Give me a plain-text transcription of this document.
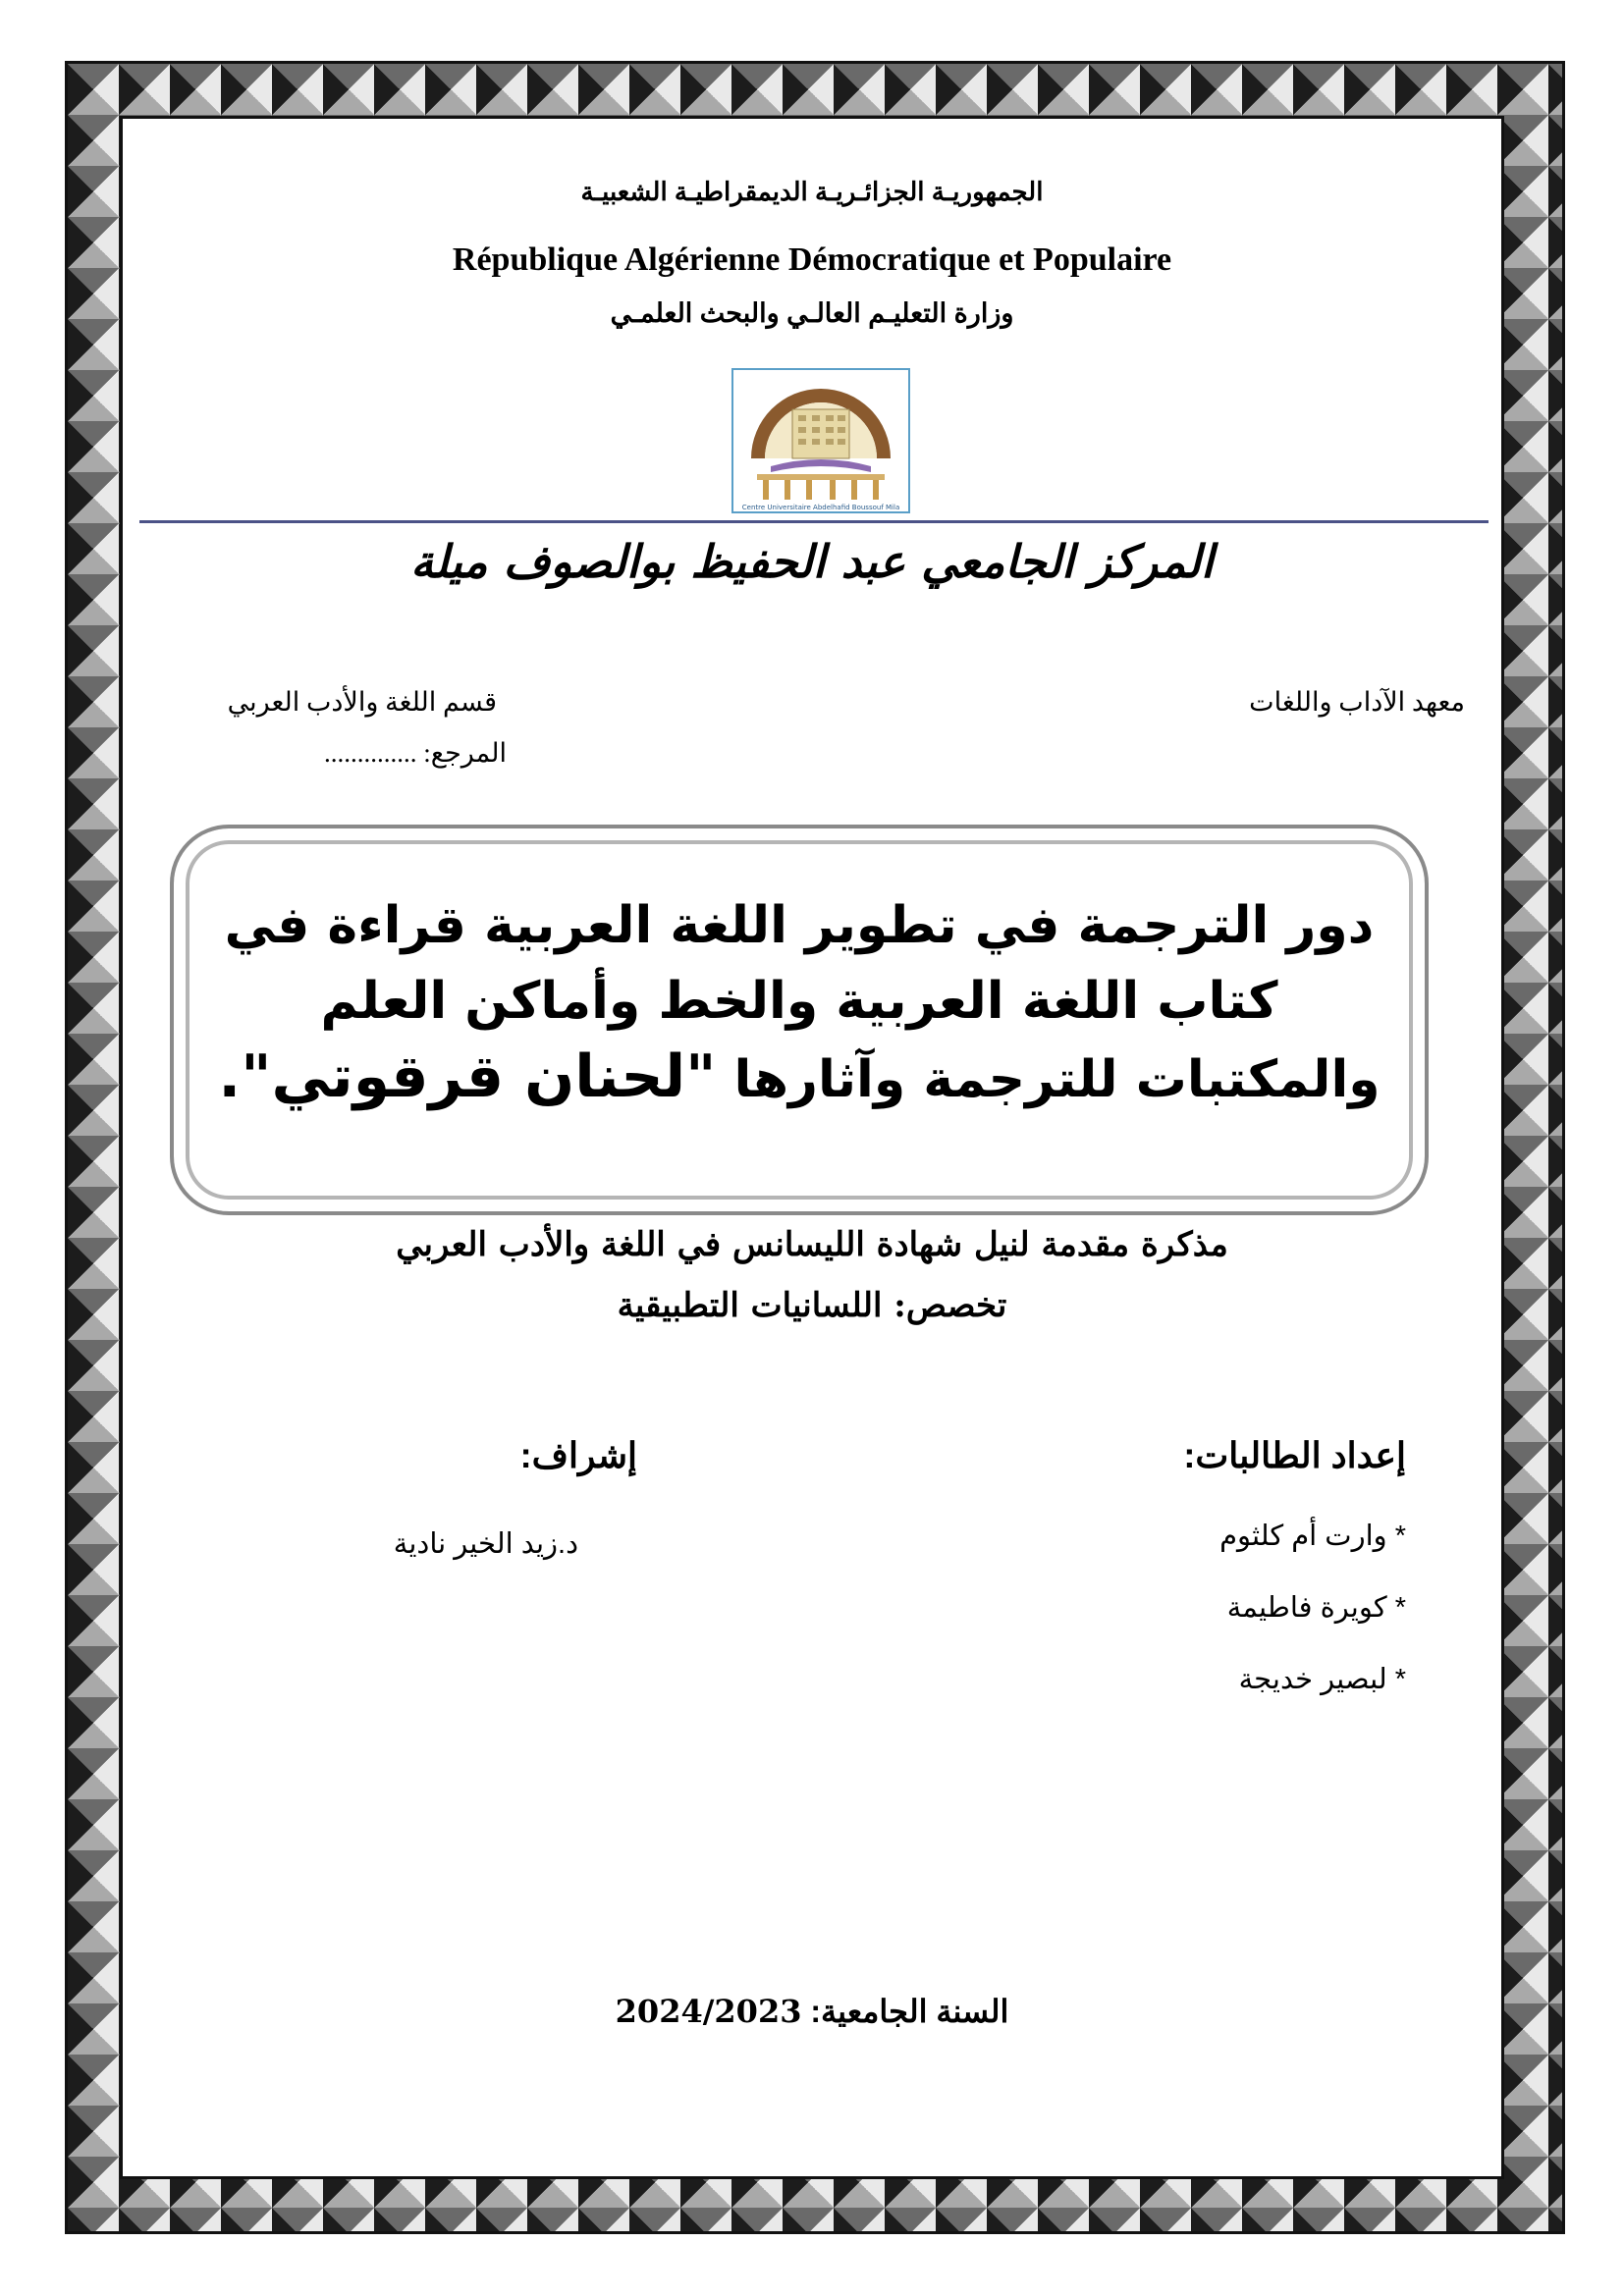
الجمهوريـة الجزائـريـة الديمقراطيـة الشعبيـة
République Algérienne Démocratique et Populaire
وزارة التعليـم العالـي والبحث العلمـي
Centre Universitaire Abdelhafid Boussouf Mila
المركز الجامعي عبد الحفيظ بوالصوف ميلة
معهد الآداب واللغات
قسم اللغة والأدب العربي
المرجع: ..............
دور الترجمة في تطوير اللغة العربية قراءة في
كتاب اللغة العربية والخط وأماكن العلم
والمكتبات للترجمة وآثارها "لحنان قرقوتي".
مذكرة مقدمة لنيل شهادة الليسانس في اللغة والأدب العربي
تخصص: اللسانيات التطبيقية
إعداد الطالبات:
إشراف:
* وارت أم كلثوم
* كويرة فاطيمة
* لبصير خديجة
د.زيد الخير نادية
السنة الجامعية: 2024/2023
